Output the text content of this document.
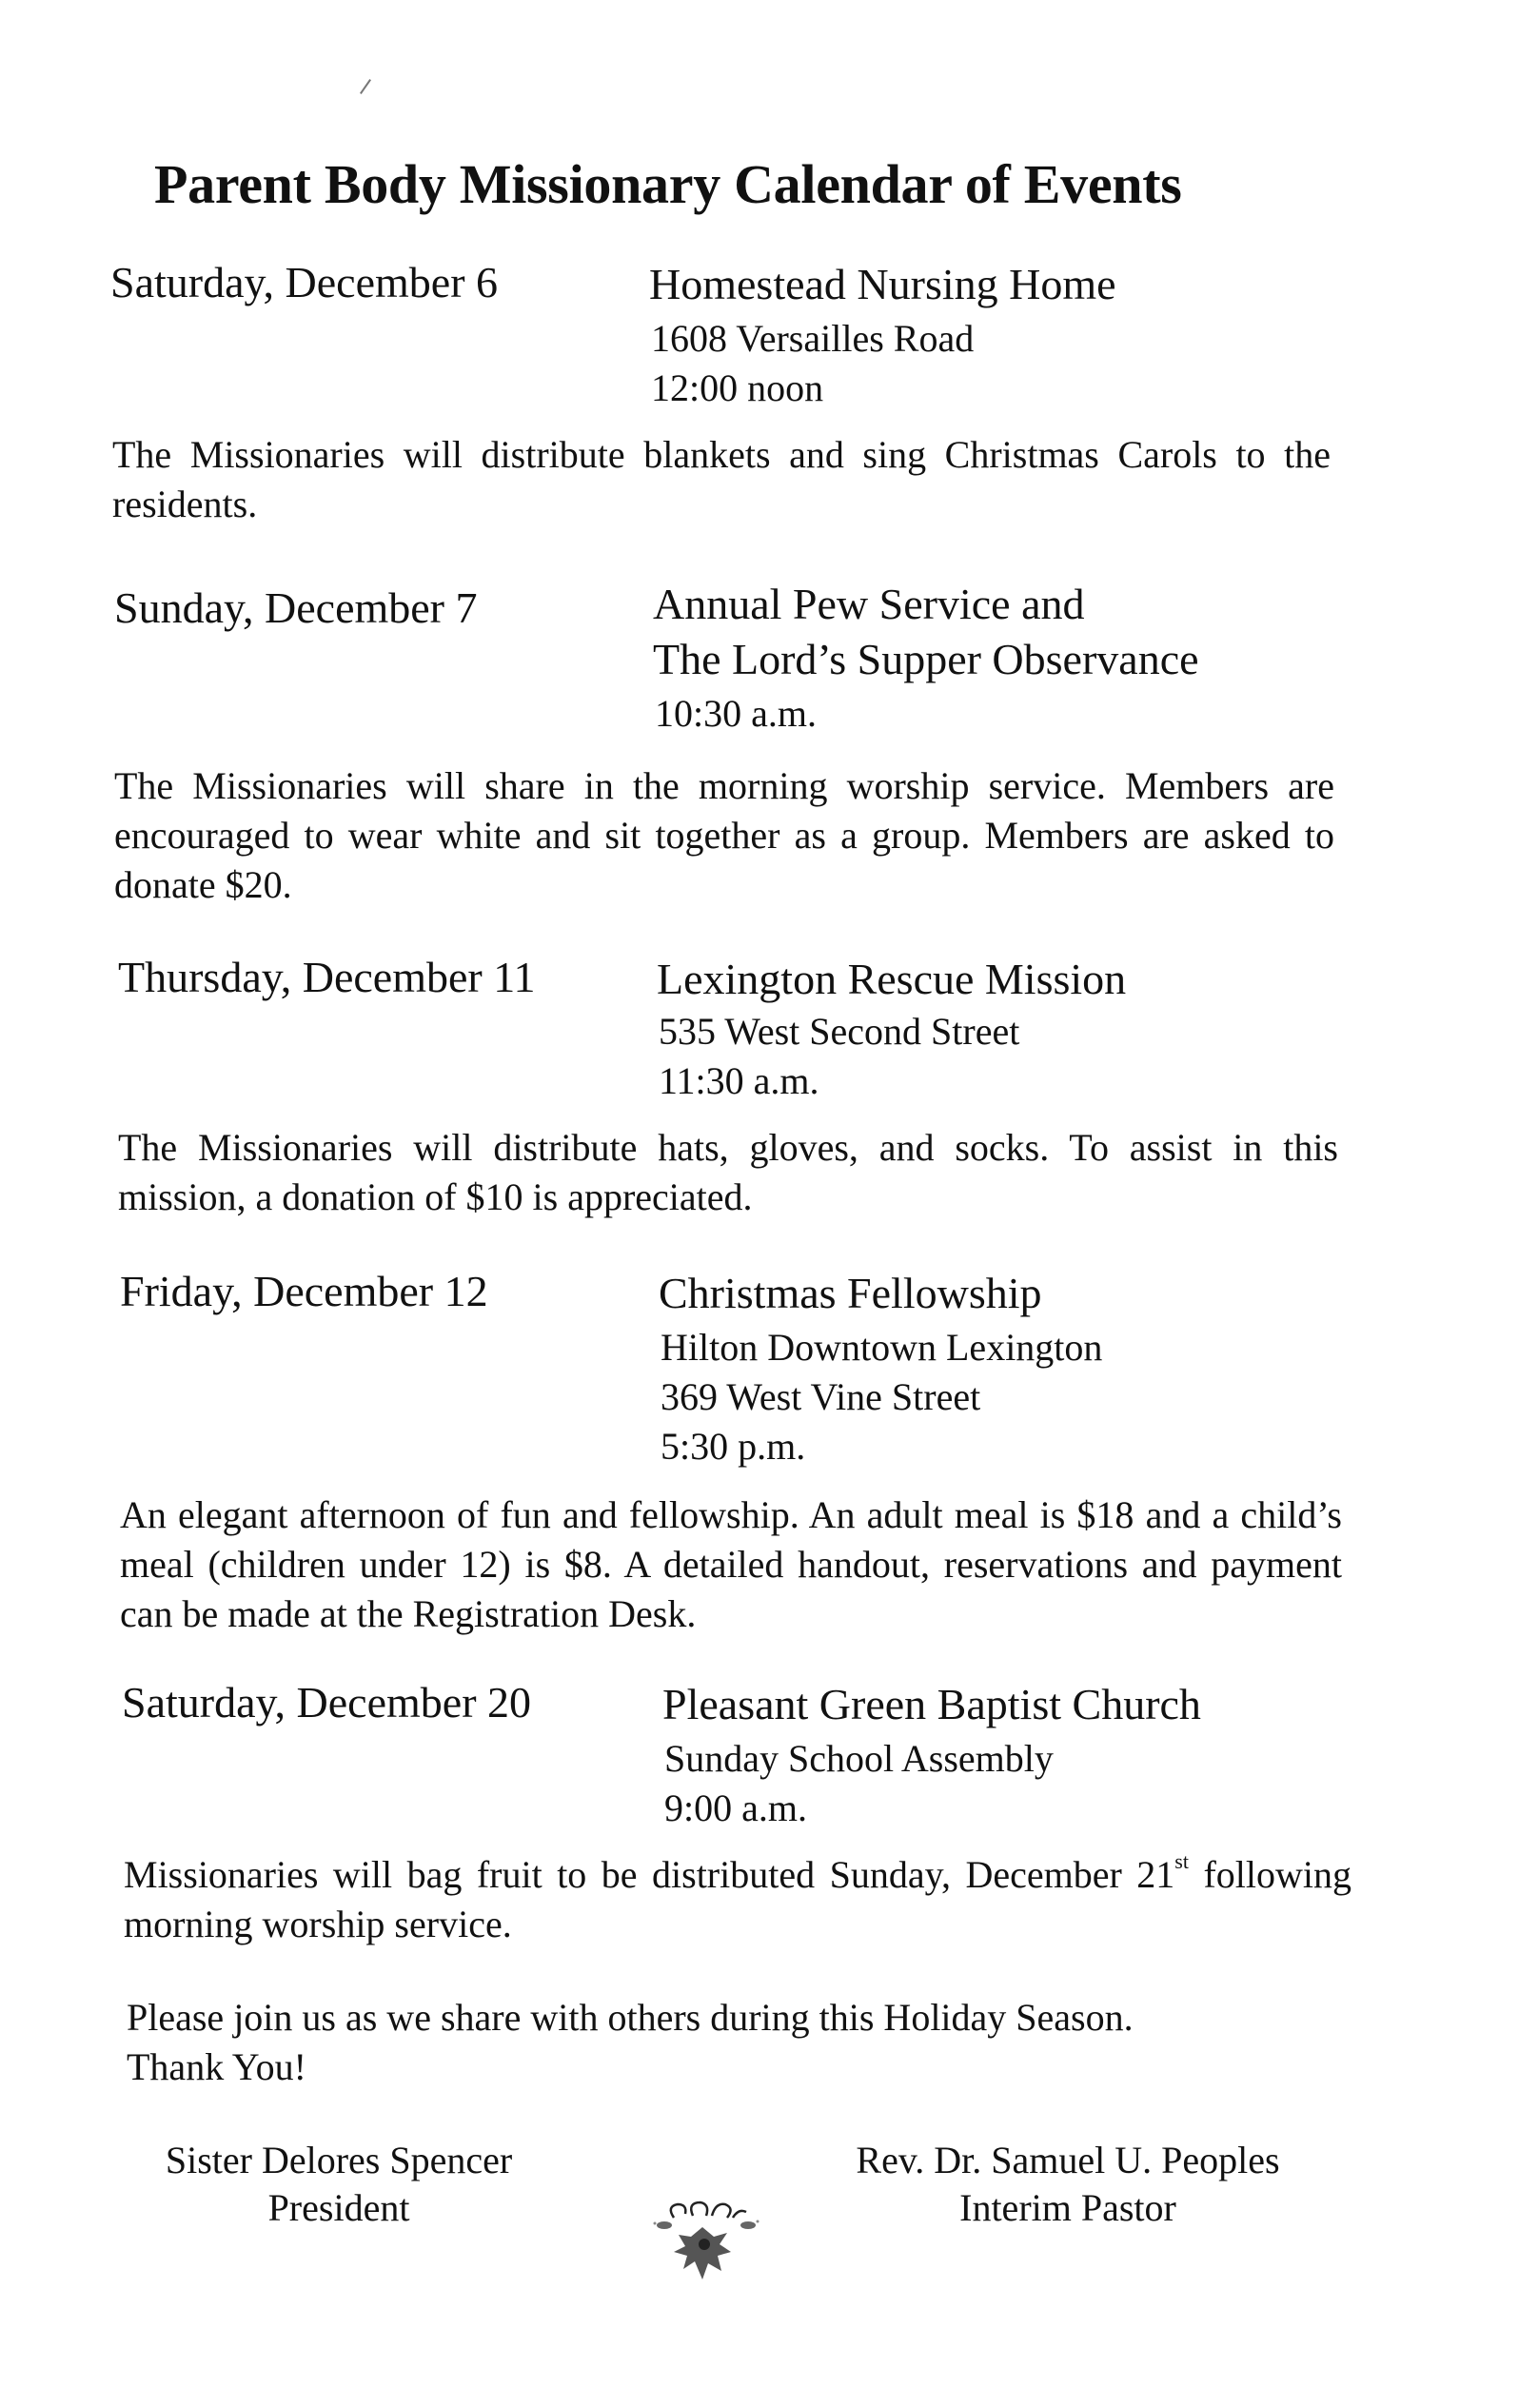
Parent Body Missionary Calendar of Events
Saturday, December 6	Homestead Nursing Home
1608 Versailles Road
12:00 noon

The Missionaries will distribute blankets and sing Christmas Carols to the residents.

Sunday, December 7	Annual Pew Service and
The Lord’s Supper Observance
10:30 a.m.

The Missionaries will share in the morning worship service. Members are encouraged to wear white and sit together as a group. Members are asked to donate $20.

Thursday, December 11	Lexington Rescue Mission
535 West Second Street
11:30 a.m.

The Missionaries will distribute hats, gloves, and socks. To assist in this mission, a donation of $10 is appreciated.

Friday, December 12	Christmas Fellowship
Hilton Downtown Lexington
369 West Vine Street
5:30 p.m.

An elegant afternoon of fun and fellowship. An adult meal is $18 and a child’s meal (children under 12) is $8. A detailed handout, reservations and payment can be made at the Registration Desk.

Saturday, December 20	Pleasant Green Baptist Church
Sunday School Assembly
9:00 a.m.

Missionaries will bag fruit to be distributed Sunday, December 21st following morning worship service.

Please join us as we share with others during this Holiday Season.
Thank You!
Sister Delores Spencer
President
Rev. Dr. Samuel U. Peoples
Interim Pastor
